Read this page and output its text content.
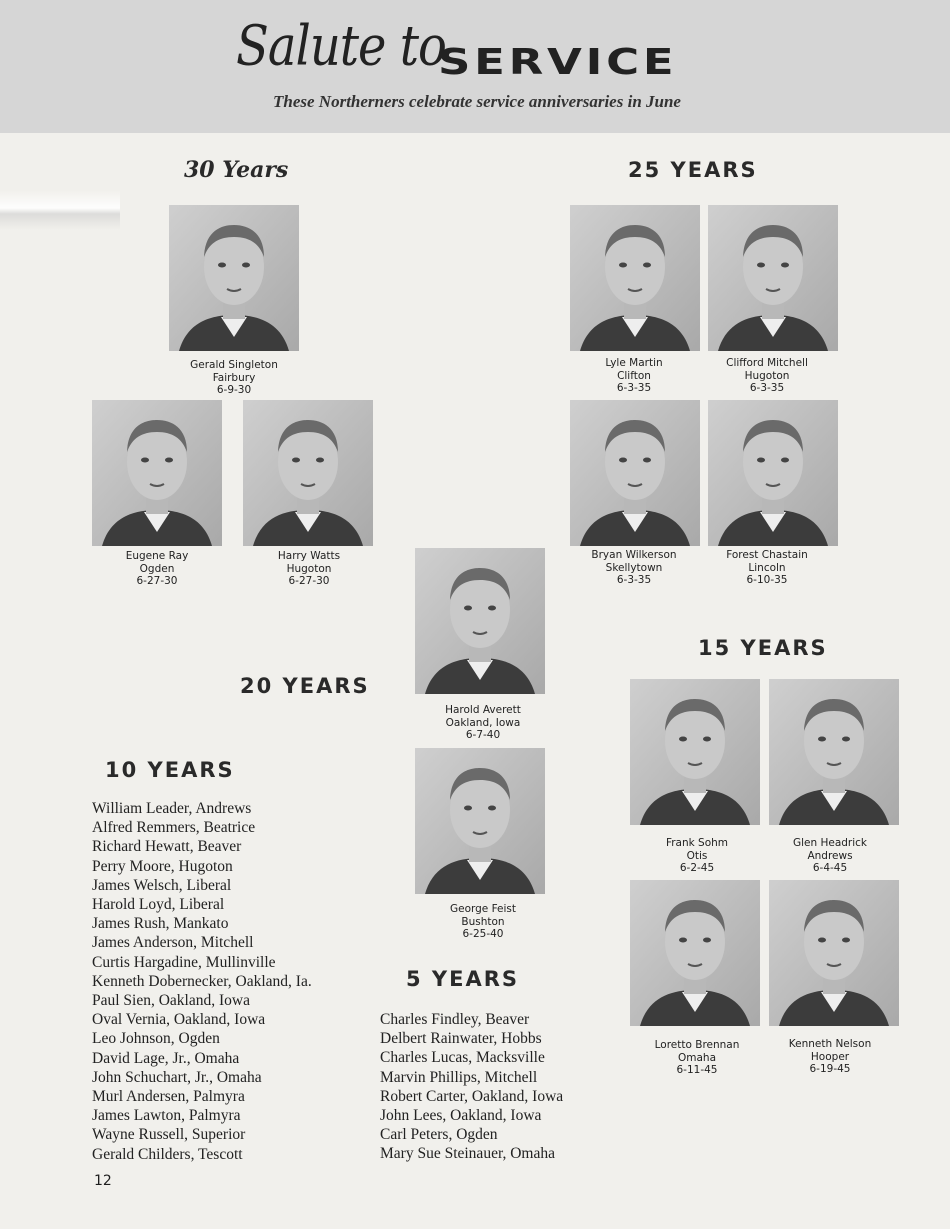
Salute to
SERVICE
These Northerners celebrate service anniversaries in June
30 Years
Gerald Singleton
Fairbury
6-9-30
Eugene Ray
Ogden
6-27-30
Harry Watts
Hugoton
6-27-30
25 YEARS
Lyle Martin
Clifton
6-3-35
Clifford Mitchell
Hugoton
6-3-35
Bryan Wilkerson
Skellytown
6-3-35
Forest Chastain
Lincoln
6-10-35
20 YEARS
Harold Averett
Oakland, Iowa
6-7-40
George Feist
Bushton
6-25-40
15 YEARS
Frank Sohm
Otis
6-2-45
Glen Headrick
Andrews
6-4-45
Loretto Brennan
Omaha
6-11-45
Kenneth Nelson
Hooper
6-19-45
10 YEARS
William Leader, Andrews
Alfred Remmers, Beatrice
Richard Hewatt, Beaver
Perry Moore, Hugoton
James Welsch, Liberal
Harold Loyd, Liberal
James Rush, Mankato
James Anderson, Mitchell
Curtis Hargadine, Mullinville
Kenneth Dobernecker, Oakland, Ia.
Paul Sien, Oakland, Iowa
Oval Vernia, Oakland, Iowa
Leo Johnson, Ogden
David Lage, Jr., Omaha
John Schuchart, Jr., Omaha
Murl Andersen, Palmyra
James Lawton, Palmyra
Wayne Russell, Superior
Gerald Childers, Tescott
5 YEARS
Charles Findley, Beaver
Delbert Rainwater, Hobbs
Charles Lucas, Macksville
Marvin Phillips, Mitchell
Robert Carter, Oakland, Iowa
John Lees, Oakland, Iowa
Carl Peters, Ogden
Mary Sue Steinauer, Omaha
12
